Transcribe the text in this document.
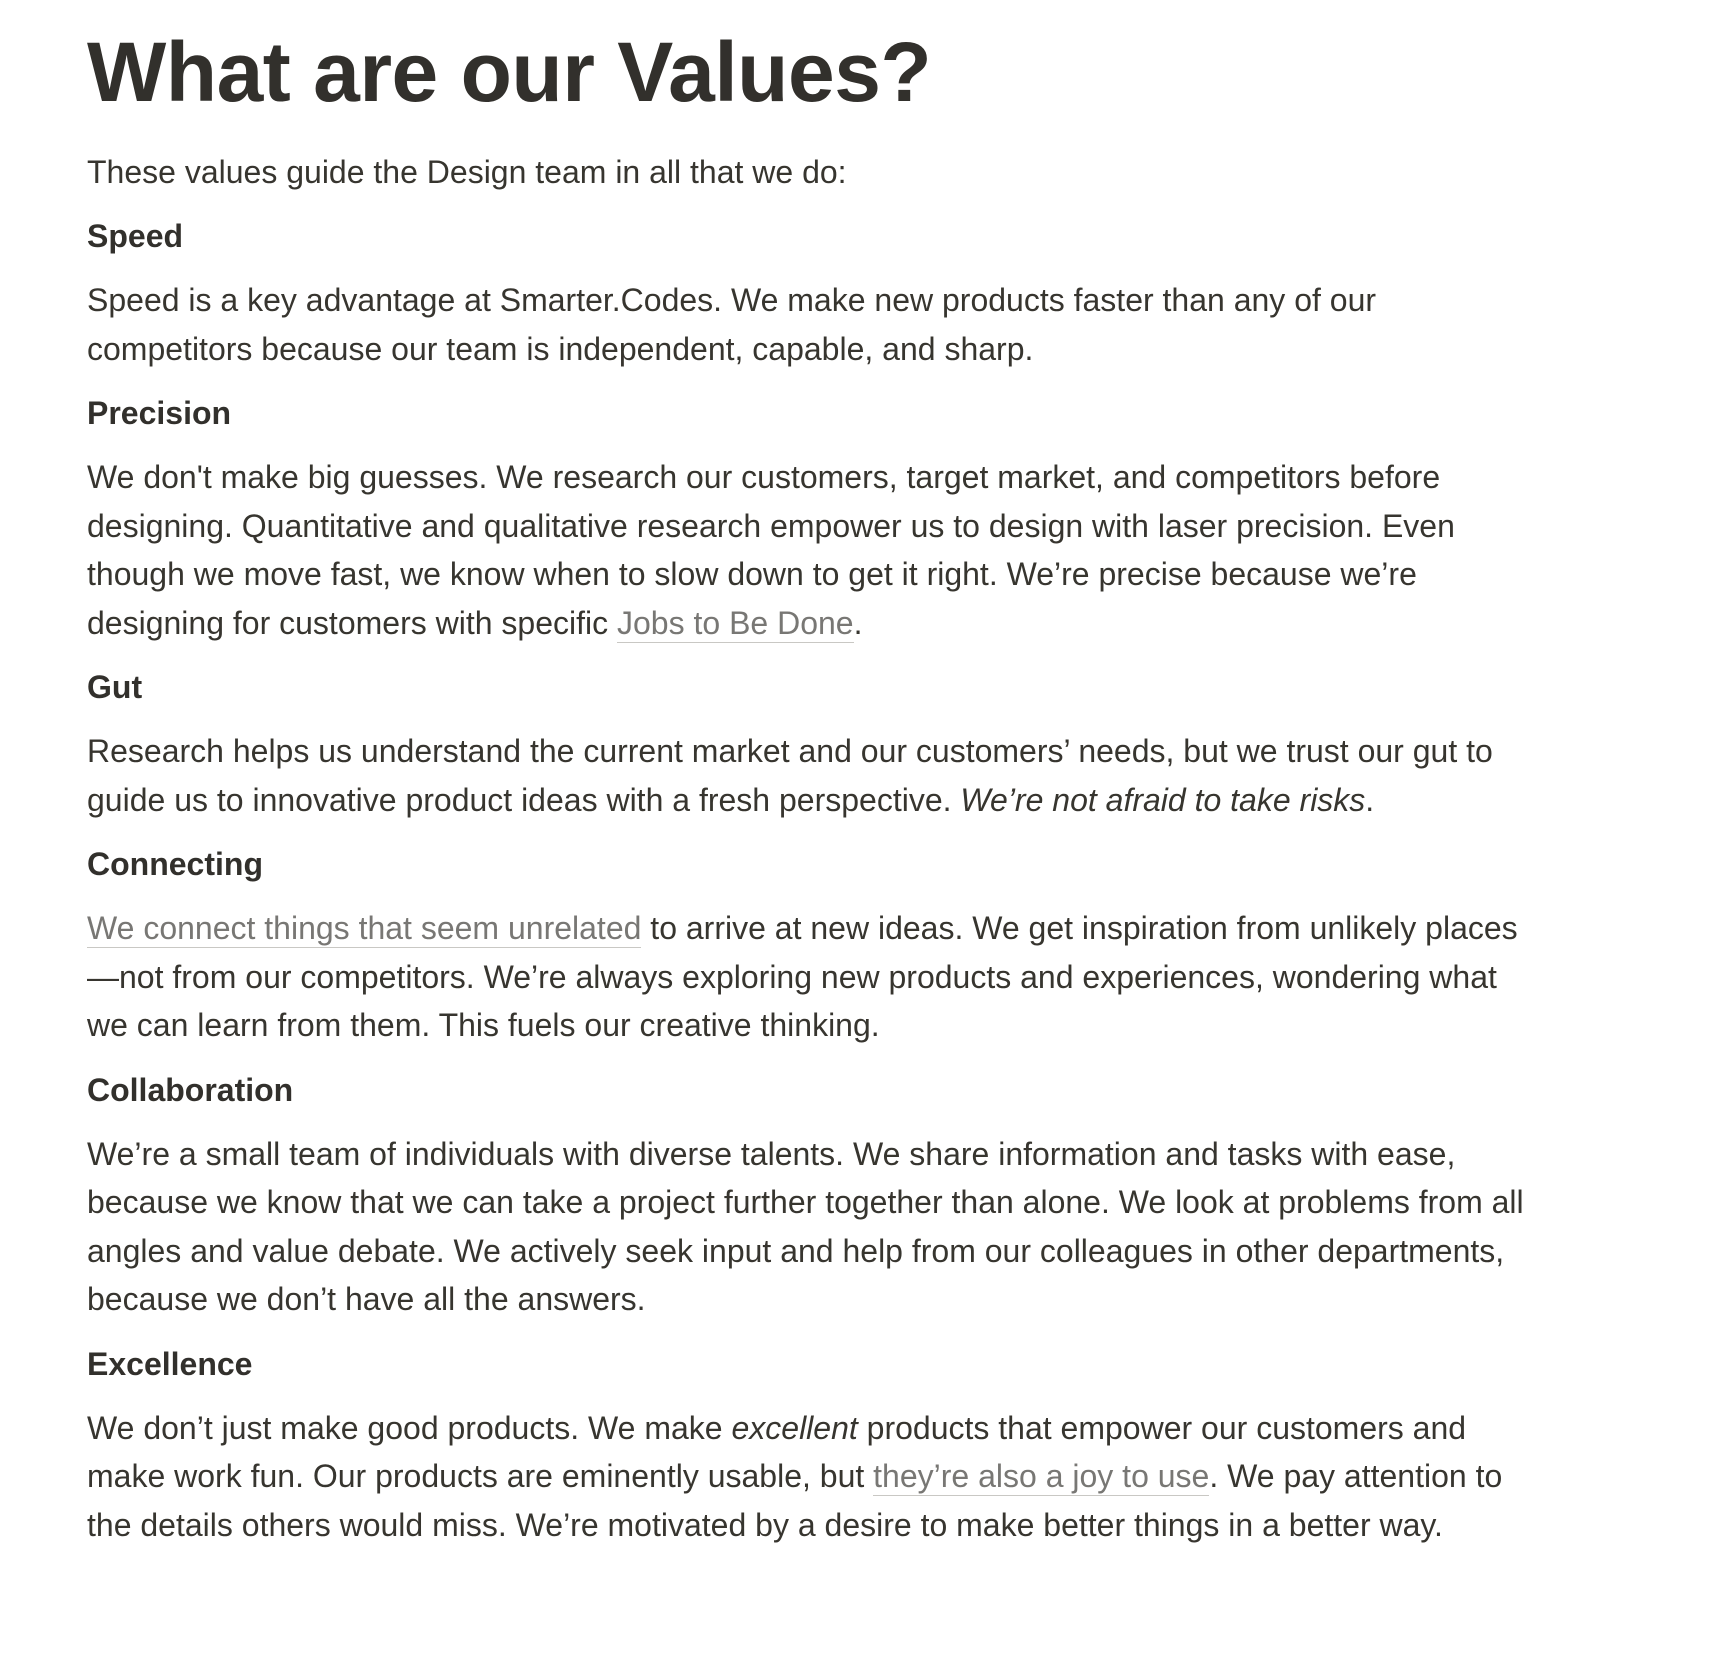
What are our Values?

These values guide the Design team in all that we do:

Speed

Speed is a key advantage at Smarter.Codes. We make new products faster than any of our competitors because our team is independent, capable, and sharp.

Precision

We don't make big guesses. We research our customers, target market, and competitors before designing. Quantitative and qualitative research empower us to design with laser precision. Even though we move fast, we know when to slow down to get it right. We’re precise because we’re designing for customers with specific Jobs to Be Done.

Gut

Research helps us understand the current market and our customers’ needs, but we trust our gut to guide us to innovative product ideas with a fresh perspective. We’re not afraid to take risks.

Connecting

We connect things that seem unrelated to arrive at new ideas. We get inspiration from unlikely places—not from our competitors. We’re always exploring new products and experiences, wondering what we can learn from them. This fuels our creative thinking.

Collaboration

We’re a small team of individuals with diverse talents. We share information and tasks with ease, because we know that we can take a project further together than alone. We look at problems from all angles and value debate. We actively seek input and help from our colleagues in other departments, because we don’t have all the answers.

Excellence

We don’t just make good products. We make excellent products that empower our customers and make work fun. Our products are eminently usable, but they’re also a joy to use. We pay attention to the details others would miss. We’re motivated by a desire to make better things in a better way.
